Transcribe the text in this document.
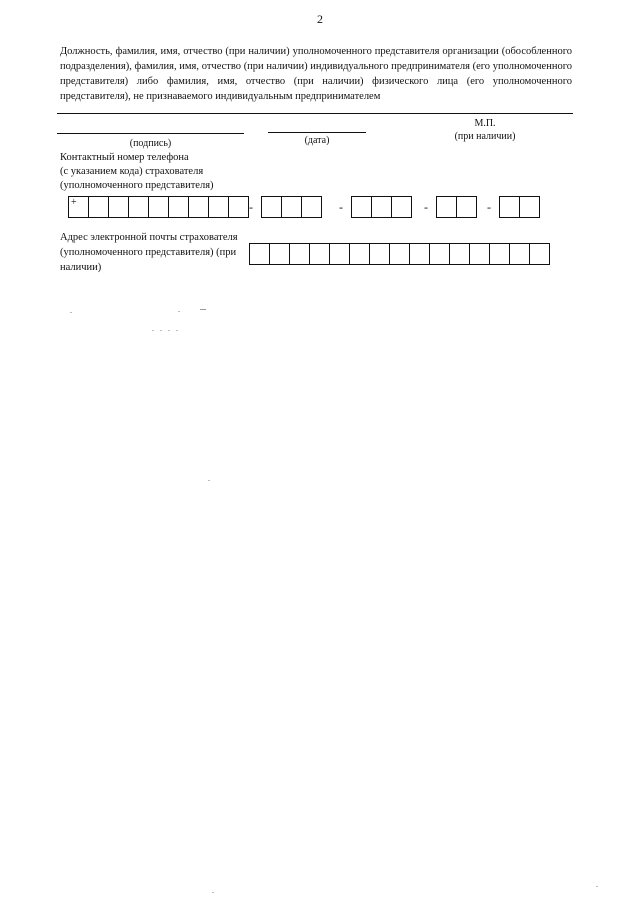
2
Должность, фамилия, имя, отчество (при наличии) уполномоченного представителя организации (обособленного подразделения), фамилия, имя, отчество (при наличии) индивидуального предпринимателя (его уполномоченного представителя) либо фамилия, имя, отчество (при наличии) физического лица (его уполномоченного представителя), не признаваемого индивидуальным предпринимателем
(подпись)	(дата)
М.П.
(при наличии)
Контактный номер телефона
(с указанием кода) страхователя
(уполномоченного представителя)
+	-	-	-	-
Адрес электронной почты страхователя
(уполномоченного представителя) (при
наличии)
